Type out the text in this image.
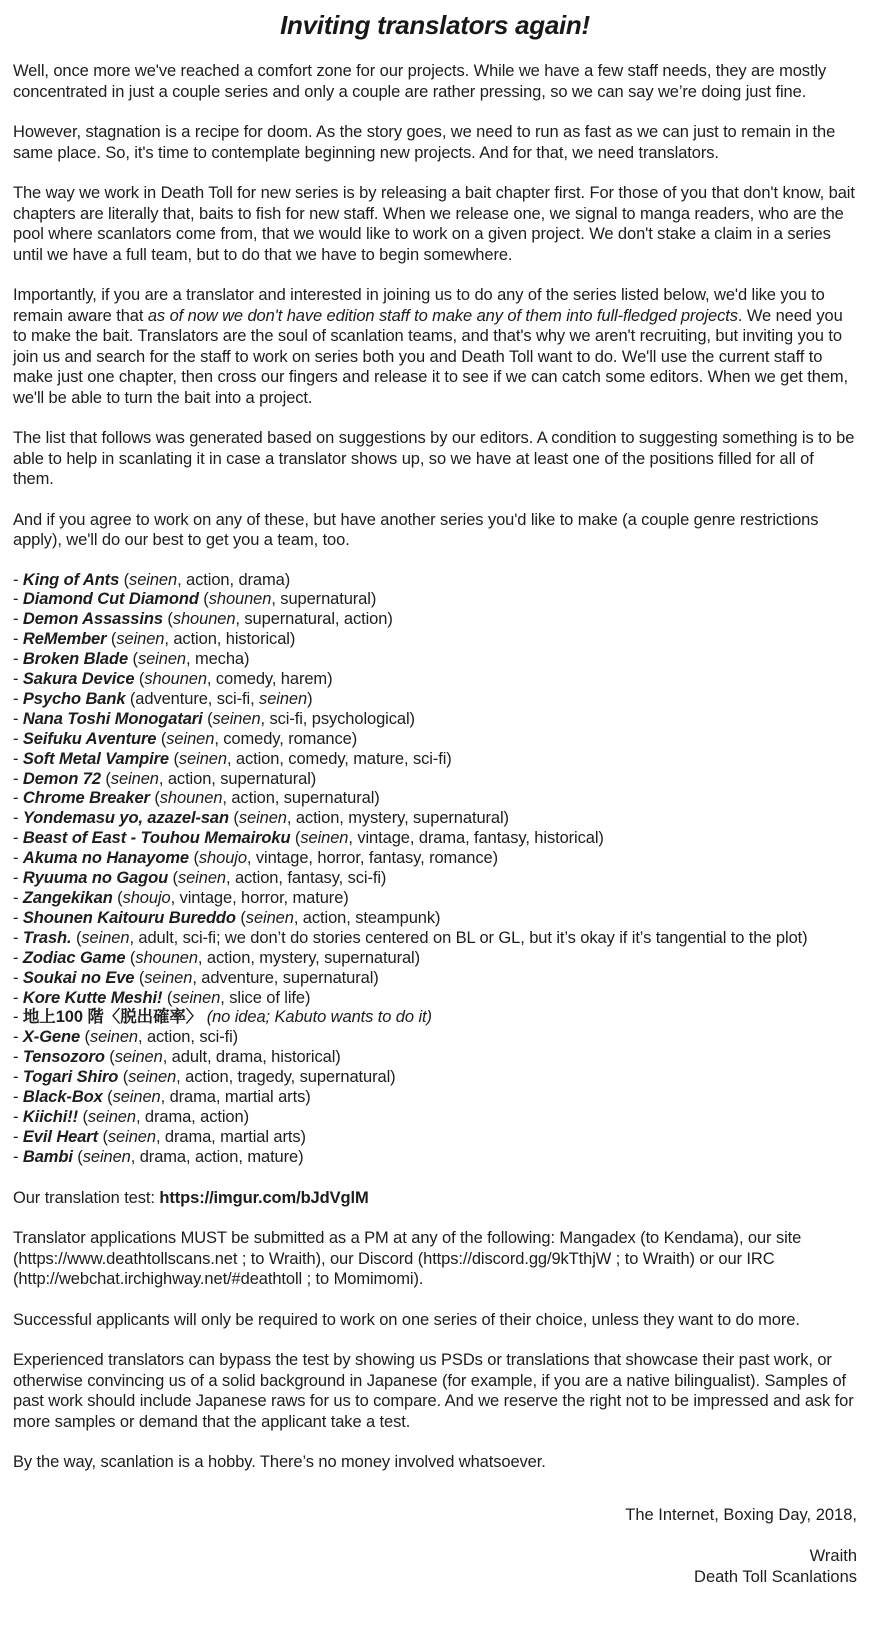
Inviting translators again!

Well, once more we've reached a comfort zone for our projects. While we have a few staff needs, they are mostly concentrated in just a couple series and only a couple are rather pressing, so we can say we’re doing just fine.

However, stagnation is a recipe for doom. As the story goes, we need to run as fast as we can just to remain in the same place. So, it's time to contemplate beginning new projects. And for that, we need translators.

The way we work in Death Toll for new series is by releasing a bait chapter first. For those of you that don't know, bait chapters are literally that, baits to fish for new staff. When we release one, we signal to manga readers, who are the pool where scanlators come from, that we would like to work on a given project. We don't stake a claim in a series until we have a full team, but to do that we have to begin somewhere.

Importantly, if you are a translator and interested in joining us to do any of the series listed below, we'd like you to remain aware that as of now we don't have edition staff to make any of them into full-fledged projects. We need you to make the bait. Translators are the soul of scanlation teams, and that's why we aren't recruiting, but inviting you to join us and search for the staff to work on series both you and Death Toll want to do. We'll use the current staff to make just one chapter, then cross our fingers and release it to see if we can catch some editors. When we get them, we'll be able to turn the bait into a project.

The list that follows was generated based on suggestions by our editors. A condition to suggesting something is to be able to help in scanlating it in case a translator shows up, so we have at least one of the positions filled for all of them.

And if you agree to work on any of these, but have another series you'd like to make (a couple genre restrictions apply), we'll do our best to get you a team, too.

- King of Ants (seinen, action, drama)
- Diamond Cut Diamond (shounen, supernatural)
- Demon Assassins (shounen, supernatural, action)
- ReMember (seinen, action, historical)
- Broken Blade (seinen, mecha)
- Sakura Device (shounen, comedy, harem)
- Psycho Bank (adventure, sci-fi, seinen)
- Nana Toshi Monogatari (seinen, sci-fi, psychological)
- Seifuku Aventure (seinen, comedy, romance)
- Soft Metal Vampire (seinen, action, comedy, mature, sci-fi)
- Demon 72 (seinen, action, supernatural)
- Chrome Breaker (shounen, action, supernatural)
- Yondemasu yo, azazel-san (seinen, action, mystery, supernatural)
- Beast of East - Touhou Memairoku (seinen, vintage, drama, fantasy, historical)
- Akuma no Hanayome (shoujo, vintage, horror, fantasy, romance)
- Ryuuma no Gagou (seinen, action, fantasy, sci-fi)
- Zangekikan (shoujo, vintage, horror, mature)
- Shounen Kaitouru Bureddo (seinen, action, steampunk)
- Trash. (seinen, adult, sci-fi; we don’t do stories centered on BL or GL, but it’s okay if it’s tangential to the plot)
- Zodiac Game (shounen, action, mystery, supernatural)
- Soukai no Eve (seinen, adventure, supernatural)
- Kore Kutte Meshi! (seinen, slice of life)
- 地上100 階〈脱出確率〉 (no idea; Kabuto wants to do it)
- X-Gene (seinen, action, sci-fi)
- Tensozoro (seinen, adult, drama, historical)
- Togari Shiro (seinen, action, tragedy, supernatural)
- Black-Box (seinen, drama, martial arts)
- Kiichi!! (seinen, drama, action)
- Evil Heart (seinen, drama, martial arts)
- Bambi (seinen, drama, action, mature)

Our translation test: https://imgur.com/bJdVglM

Translator applications MUST be submitted as a PM at any of the following: Mangadex (to Kendama), our site (https://www.deathtollscans.net ; to Wraith), our Discord (https://discord.gg/9kTthjW ; to Wraith) or our IRC (http://webchat.irchighway.net/#deathtoll ; to Momimomi).

Successful applicants will only be required to work on one series of their choice, unless they want to do more.

Experienced translators can bypass the test by showing us PSDs or translations that showcase their past work, or otherwise convincing us of a solid background in Japanese (for example, if you are a native bilingualist). Samples of past work should include Japanese raws for us to compare. And we reserve the right not to be impressed and ask for more samples or demand that the applicant take a test.

By the way, scanlation is a hobby. There’s no money involved whatsoever.

The Internet, Boxing Day, 2018,
Wraith
Death Toll Scanlations
